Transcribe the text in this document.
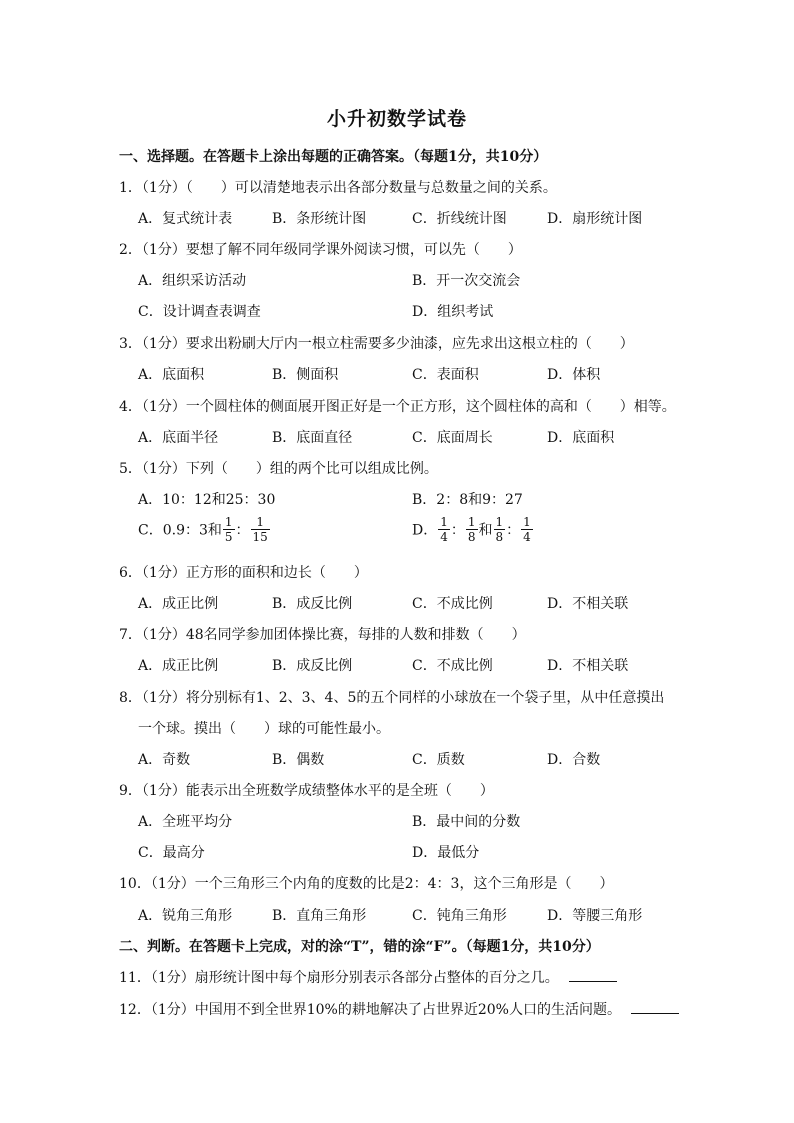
小升初数学试卷
一、选择题。在答题卡上涂出每题的正确答案。（每题1分，共10分）
1．（1分）（　　）可以清楚地表示出各部分数量与总数量之间的关系。
A．复式统计表	B．条形统计图	C．折线统计图	D．扇形统计图
2．（1分）要想了解不同年级同学课外阅读习惯，可以先（　　）
A．组织采访活动	B．开一次交流会
C．设计调查表调查	D．组织考试
3．（1分）要求出粉刷大厅内一根立柱需要多少油漆，应先求出这根立柱的（　　）
A．底面积	B．侧面积	C．表面积	D．体积
4．（1分）一个圆柱体的侧面展开图正好是一个正方形，这个圆柱体的高和（　　）相等。
A．底面半径	B．底面直径	C．底面周长	D．底面积
5．（1分）下列（　　）组的两个比可以组成比例。
A．10：12和25：30	B．2：8和9：27
C．0.9：3和 $\frac{1}{5}$ ： $\frac{1}{15}$	D． $\frac{1}{4}$ ： $\frac{1}{8}$ 和 $\frac{1}{8}$ ： $\frac{1}{4}$
6．（1分）正方形的面积和边长（　　）
A．成正比例	B．成反比例	C．不成比例	D．不相关联
7．（1分）48名同学参加团体操比赛，每排的人数和排数（　　）
A．成正比例	B．成反比例	C．不成比例	D．不相关联
8．（1分）将分别标有1、2、3、4、5的五个同样的小球放在一个袋子里，从中任意摸出
一个球。摸出（　　）球的可能性最小。
A．奇数	B．偶数	C．质数	D．合数
9．（1分）能表示出全班数学成绩整体水平的是全班（　　）
A．全班平均分	B．最中间的分数
C．最高分	D．最低分
10．（1分）一个三角形三个内角的度数的比是2：4：3，这个三角形是（　　）
A．锐角三角形	B．直角三角形	C．钝角三角形	D．等腰三角形
二、判断。在答题卡上完成，对的涂“T”，错的涂“F”。（每题1分，共10分）
11．（1分）扇形统计图中每个扇形分别表示各部分占整体的百分之几。
12．（1分）中国用不到全世界10%的耕地解决了占世界近20%人口的生活问题。
